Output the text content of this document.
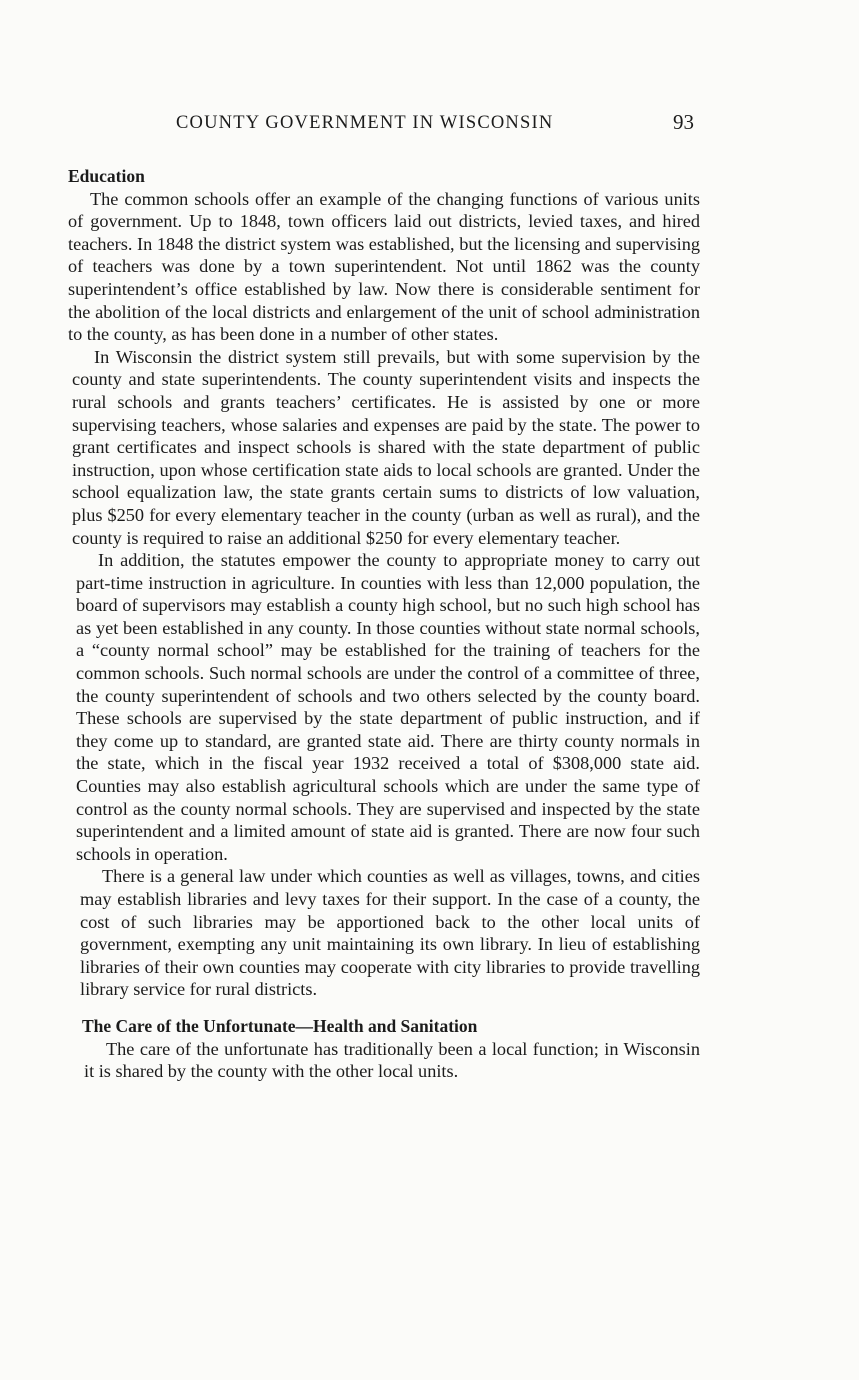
COUNTY GOVERNMENT IN WISCONSIN	93
Education

The common schools offer an example of the changing functions of various units of government. Up to 1848, town officers laid out districts, levied taxes, and hired teachers. In 1848 the district system was established, but the licensing and supervising of teachers was done by a town superintendent. Not until 1862 was the county superintendent’s office established by law. Now there is considerable sentiment for the abolition of the local districts and enlargement of the unit of school administration to the county, as has been done in a number of other states.

In Wisconsin the district system still prevails, but with some supervision by the county and state superintendents. The county superintendent visits and inspects the rural schools and grants teachers’ certificates. He is assisted by one or more supervising teachers, whose salaries and expenses are paid by the state. The power to grant certificates and inspect schools is shared with the state department of public instruction, upon whose certification state aids to local schools are granted. Under the school equalization law, the state grants certain sums to districts of low valuation, plus $250 for every elementary teacher in the county (urban as well as rural), and the county is required to raise an additional $250 for every elementary teacher.

In addition, the statutes empower the county to appropriate money to carry out part-time instruction in agriculture. In counties with less than 12,000 population, the board of supervisors may establish a county high school, but no such high school has as yet been established in any county. In those counties without state normal schools, a “county normal school” may be established for the training of teachers for the common schools. Such normal schools are under the control of a committee of three, the county superintendent of schools and two others selected by the county board. These schools are supervised by the state department of public instruction, and if they come up to standard, are granted state aid. There are thirty county normals in the state, which in the fiscal year 1932 received a total of $308,000 state aid. Counties may also establish agricultural schools which are under the same type of control as the county normal schools. They are supervised and inspected by the state superintendent and a limited amount of state aid is granted. There are now four such schools in operation.

There is a general law under which counties as well as villages, towns, and cities may establish libraries and levy taxes for their support. In the case of a county, the cost of such libraries may be apportioned back to the other local units of government, exempting any unit maintaining its own library. In lieu of establishing libraries of their own counties may cooperate with city libraries to provide travelling library service for rural districts.

The Care of the Unfortunate—Health and Sanitation

The care of the unfortunate has traditionally been a local function; in Wisconsin it is shared by the county with the other local units.
